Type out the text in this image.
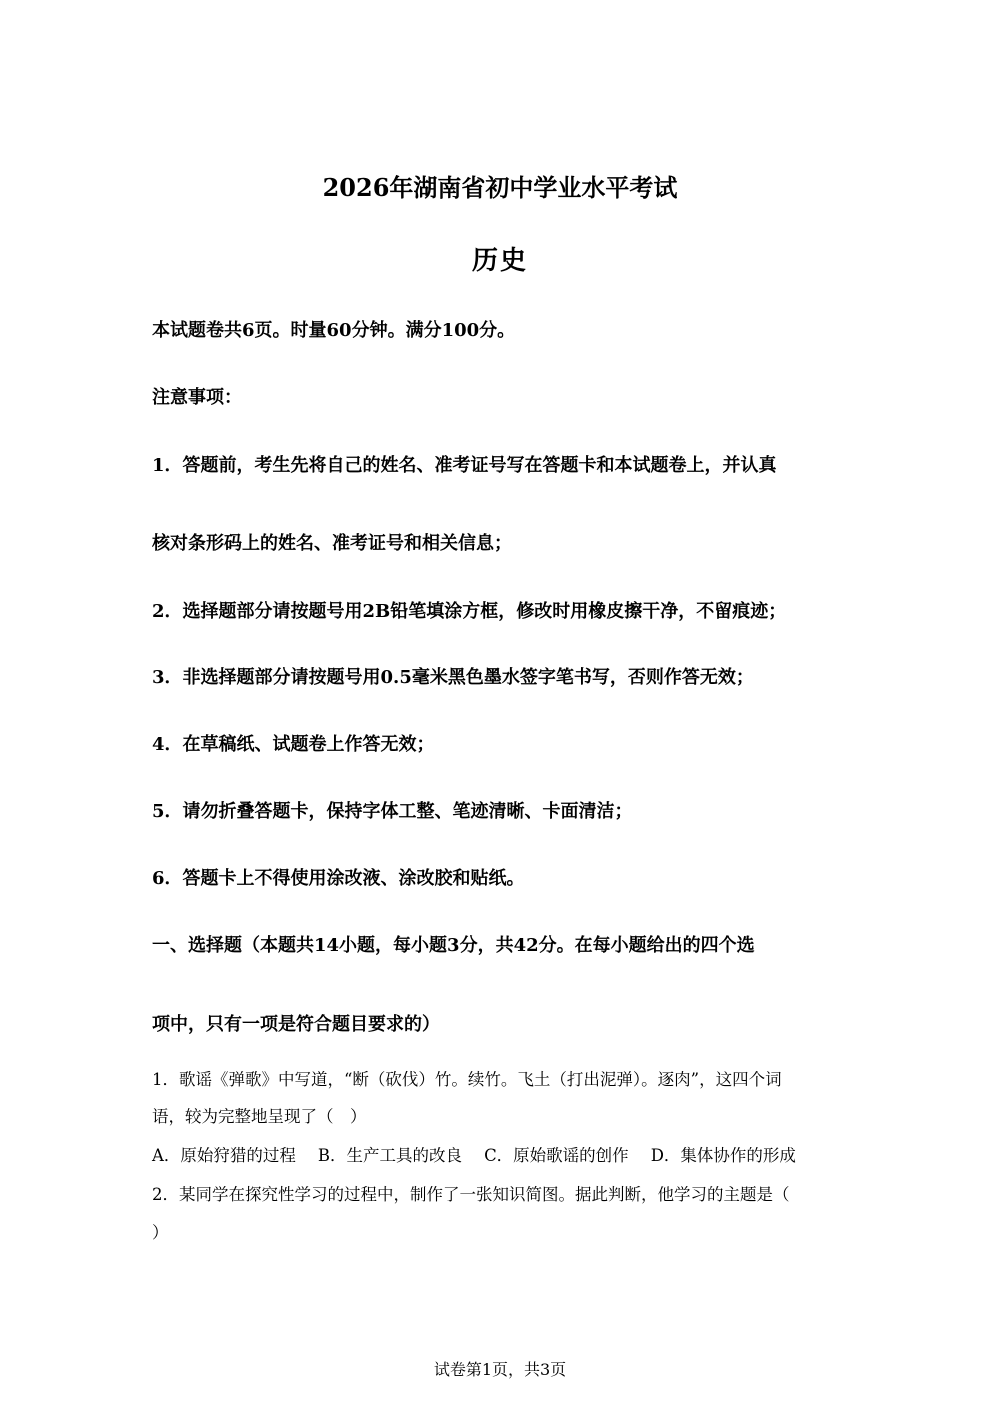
2026年湖南省初中学业水平考试
历史
本试题卷共6页。时量60分钟。满分100分。
注意事项：
1．答题前，考生先将自己的姓名、准考证号写在答题卡和本试题卷上，并认真
核对条形码上的姓名、准考证号和相关信息；
2．选择题部分请按题号用2B铅笔填涂方框，修改时用橡皮擦干净，不留痕迹；
3．非选择题部分请按题号用0.5毫米黑色墨水签字笔书写，否则作答无效；
4．在草稿纸、试题卷上作答无效；
5．请勿折叠答题卡，保持字体工整、笔迹清晰、卡面清洁；
6．答题卡上不得使用涂改液、涂改胶和贴纸。
一、选择题（本题共14小题，每小题3分，共42分。在每小题给出的四个选
项中，只有一项是符合题目要求的）
1．歌谣《弹歌》中写道，“断（砍伐）竹。续竹。飞土（打出泥弹）。逐肉”，这四个词
语，较为完整地呈现了（　）
A．原始狩猎的过程 B．生产工具的改良 C．原始歌谣的创作 D．集体协作的形成
2．某同学在探究性学习的过程中，制作了一张知识简图。据此判断，他学习的主题是（
）
试卷第1页，共3页
